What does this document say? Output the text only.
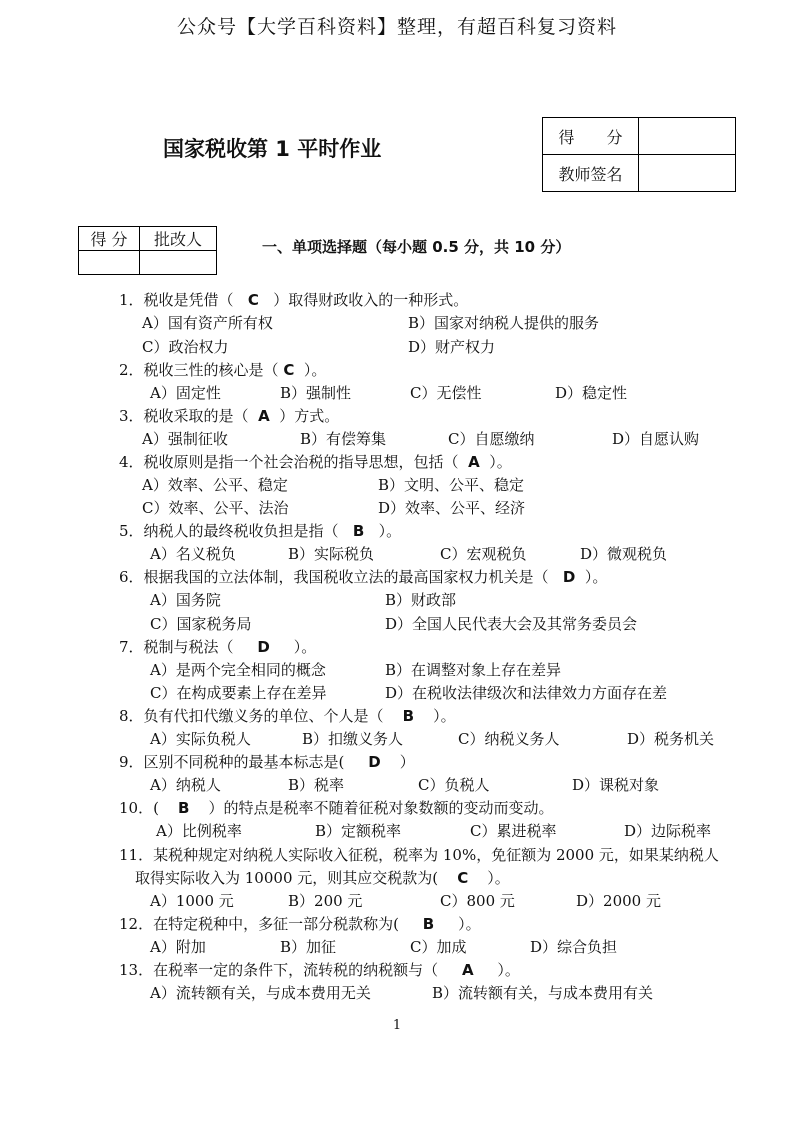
公众号【大学百科资料】整理，有超百科复习资料
国家税收第 1 平时作业	得　　分	
教师签名	
得 分	批改人
		一、单项选择题（每小题 0.5 分，共 10 分）
1．税收是凭借（ C ）取得财政收入的一种形式。
A）国有资产所有权	B）国家对纳税人提供的服务
C）政治权力	D）财产权力
2．税收三性的核心是（ C ）。
A）固定性	B）强制性	C）无偿性	D）稳定性
3．税收采取的是（ A ）方式。
A）强制征收	B）有偿筹集	C）自愿缴纳	D）自愿认购
4．税收原则是指一个社会治税的指导思想，包括（ A ）。
A）效率、公平、稳定	B）文明、公平、稳定
C）效率、公平、法治	D）效率、公平、经济
5．纳税人的最终税收负担是指（ B ）。
A）名义税负	B）实际税负	C）宏观税负	D）微观税负
6．根据我国的立法体制，我国税收立法的最高国家权力机关是（ D ）。
A）国务院	B）财政部
C）国家税务局	D）全国人民代表大会及其常务委员会
7．税制与税法（ D ）。
A）是两个完全相同的概念	B）在调整对象上存在差异
C）在构成要素上存在差异	D）在税收法律级次和法律效力方面存在差
8．负有代扣代缴义务的单位、个人是（ B ）。
A）实际负税人	B）扣缴义务人	C）纳税义务人	D）税务机关
9．区别不同税种的最基本标志是( D ）
A）纳税人	B）税率	C）负税人	D）课税对象
10．( B ）的特点是税率不随着征税对象数额的变动而变动。
A）比例税率	B）定额税率	C）累进税率	D）边际税率
11．某税种规定对纳税人实际收入征税，税率为 10%，免征额为 2000 元，如果某纳税人
取得实际收入为 10000 元，则其应交税款为( C ）。
A）1000 元	B）200 元	C）800 元	D）2000 元
12．在特定税种中，多征一部分税款称为( B ）。
A）附加	B）加征	C）加成	D）综合负担
13．在税率一定的条件下，流转税的纳税额与（ A ）。
A）流转额有关，与成本费用无关	B）流转额有关，与成本费用有关
1
